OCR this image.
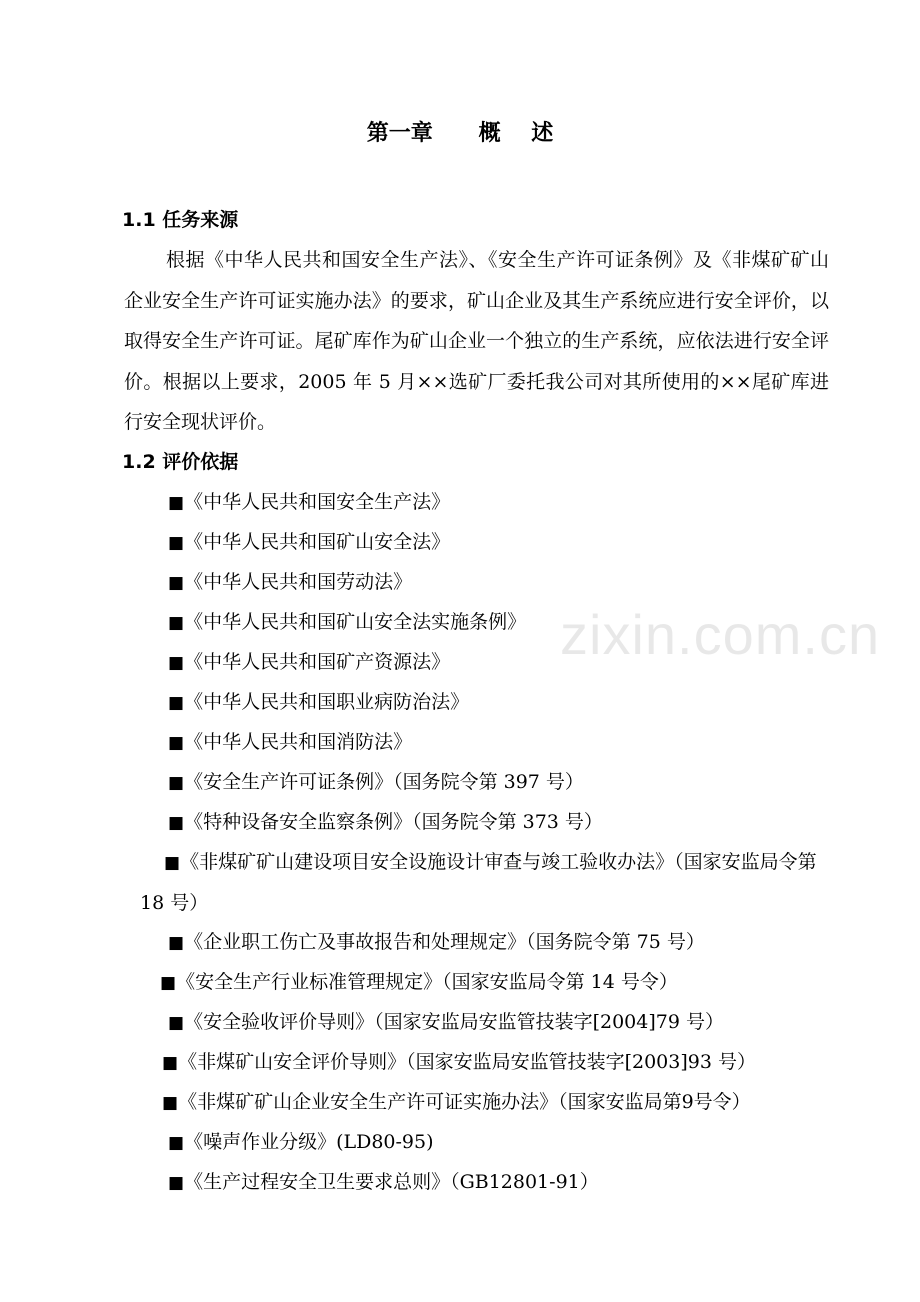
第一章      概    述
1.1 任务来源
根据《中华人民共和国安全生产法》、《安全生产许可证条例》及《非煤矿矿山企业安全生产许可证实施办法》的要求，矿山企业及其生产系统应进行安全评价，以取得安全生产许可证。尾矿库作为矿山企业一个独立的生产系统，应依法进行安全评价。根据以上要求，2005 年 5 月××选矿厂委托我公司对其所使用的××尾矿库进行安全现状评价。
1.2 评价依据
■《中华人民共和国安全生产法》
■《中华人民共和国矿山安全法》
■《中华人民共和国劳动法》
■《中华人民共和国矿山安全法实施条例》
■《中华人民共和国矿产资源法》
■《中华人民共和国职业病防治法》
■《中华人民共和国消防法》
■《安全生产许可证条例》（国务院令第 397 号）
■《特种设备安全监察条例》（国务院令第 373 号）
■《非煤矿矿山建设项目安全设施设计审查与竣工验收办法》（国家安监局令第 18 号）
■《企业职工伤亡及事故报告和处理规定》（国务院令第 75 号）
■《安全生产行业标准管理规定》（国家安监局令第 14 号令）
■《安全验收评价导则》（国家安监局安监管技装字[2004]79 号）
■《非煤矿山安全评价导则》（国家安监局安监管技装字[2003]93 号）
■《非煤矿矿山企业安全生产许可证实施办法》（国家安监局第9号令）
■《噪声作业分级》(LD80-95)
■《生产过程安全卫生要求总则》（GB12801-91）
zixin.com.cn
